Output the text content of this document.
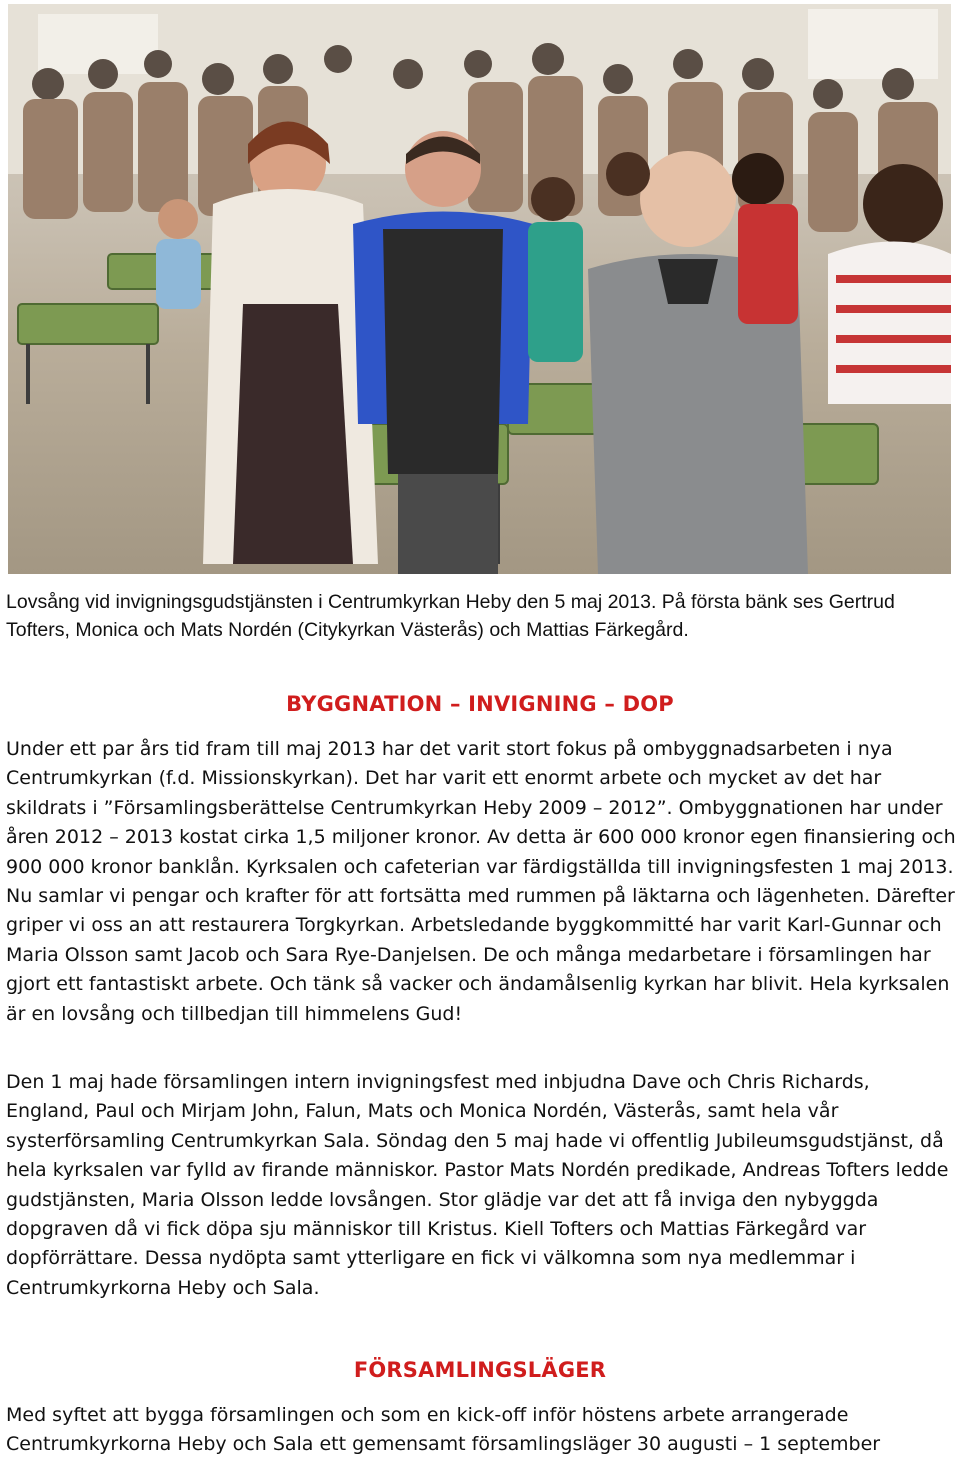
Lovsång vid invigningsgudstjänsten i Centrumkyrkan Heby den 5 maj 2013. På första bänk ses Gertrud Tofters, Monica och Mats Nordén (Citykyrkan Västerås) och Mattias Färkegård.
BYGGNATION – INVIGNING – DOP
Under ett par års tid fram till maj 2013 har det varit stort fokus på ombyggnadsarbeten i nya Centrumkyrkan (f.d. Missionskyrkan). Det har varit ett enormt arbete och mycket av det har skildrats i ”Församlingsberättelse Centrumkyrkan Heby 2009 – 2012”. Ombyggnationen har under åren 2012 – 2013 kostat cirka 1,5 miljoner kronor. Av detta är 600 000 kronor egen finansiering och 900 000 kronor banklån. Kyrksalen och cafeterian var färdigställda till invigningsfesten 1 maj 2013. Nu samlar vi pengar och krafter för att fortsätta med rummen på läktarna och lägenheten. Därefter griper vi oss an att restaurera Torgkyrkan. Arbetsledande byggkommitté har varit Karl-Gunnar och Maria Olsson samt Jacob och Sara Rye-Danjelsen. De och många medarbetare i församlingen har gjort ett fantastiskt arbete. Och tänk så vacker och ändamålsenlig kyrkan har blivit. Hela kyrksalen är en lovsång och tillbedjan till himmelens Gud!
Den 1 maj hade församlingen intern invigningsfest med inbjudna Dave och Chris Richards, England, Paul och Mirjam John, Falun, Mats och Monica Nordén, Västerås, samt hela vår systerförsamling Centrumkyrkan Sala. Söndag den 5 maj hade vi offentlig Jubileumsgudstjänst, då hela kyrksalen var fylld av firande människor. Pastor Mats Nordén predikade, Andreas Tofters ledde gudstjänsten, Maria Olsson ledde lovsången. Stor glädje var det att få inviga den nybyggda dopgraven då vi fick döpa sju människor till Kristus. Kiell Tofters och Mattias Färkegård var dopförrättare. Dessa nydöpta samt ytterligare en fick vi välkomna som nya medlemmar i Centrumkyrkorna Heby och Sala.
FÖRSAMLINGSLÄGER
Med syftet att bygga församlingen och som en kick-off inför höstens arbete arrangerade Centrumkyrkorna Heby och Sala ett gemensamt församlingsläger 30 augusti – 1 september
